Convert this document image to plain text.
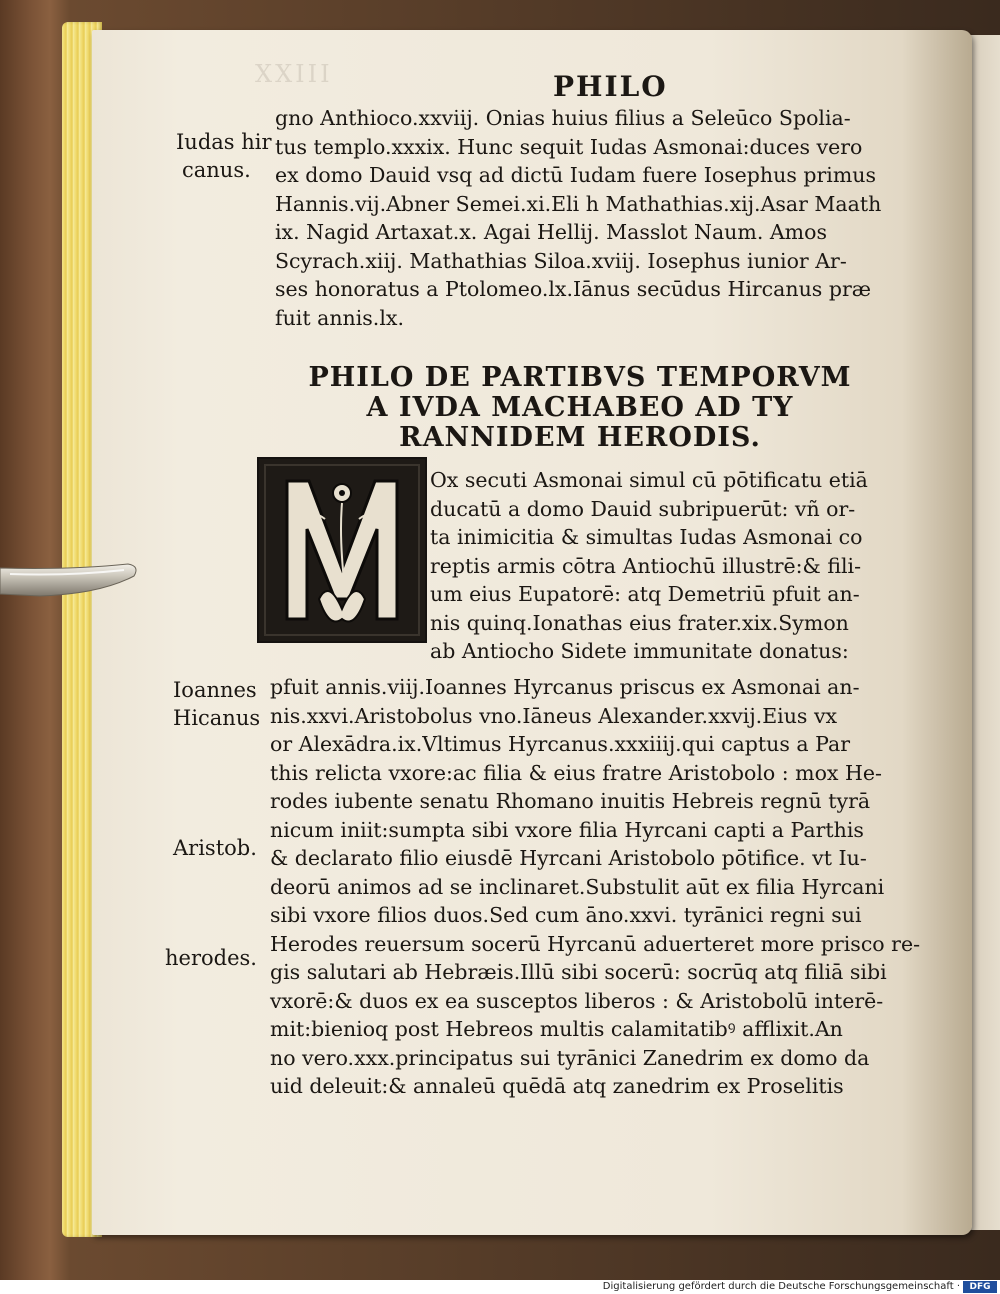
PHILO
Iudas hir
canus.
gno Anthioco.xxviij. Onias huius filius a Seleūco Spolia-
tus templo.xxxix. Hunc sequit Iudas Asmonai:duces vero
ex domo Dauid vsq ad dictū Iudam fuere Iosephus primus
Hannis.vij.Abner Semei.xi.Eli h Mathathias.xij.Asar Maath
ix. Nagid Artaxat.x. Agai Hellij. Masslot Naum. Amos
Scyrach.xiij. Mathathias Siloa.xviij. Iosephus iunior Ar-
ses honoratus a Ptolomeo.lx.Iānus secūdus Hircanus præ
fuit annis.lx.
PHILO DE PARTIBVS TEMPORVM
A IVDA MACHABEO AD TY
RANNIDEM HERODIS.
Ox secuti Asmonai simul cū pōtificatu etiā
ducatū a domo Dauid subripuerūt: vñ or-
ta inimicitia & simultas Iudas Asmonai co
reptis armis cōtra Antiochū illustrē:& fili-
um eius Eupatorē: atq Demetriū pfuit an-
nis quinq.Ionathas eius frater.xix.Symon
ab Antiocho Sidete immunitate donatus:
Ioannes
Hicanus
Aristob.
herodes.
pfuit annis.viij.Ioannes Hyrcanus priscus ex Asmonai an-
nis.xxvi.Aristobolus vno.Iāneus Alexander.xxvij.Eius vx
or Alexādra.ix.Vltimus Hyrcanus.xxxiiij.qui captus a Par
this relicta vxore:ac filia & eius fratre Aristobolo : mox He-
rodes iubente senatu Rhomano inuitis Hebreis regnū tyrā
nicum iniit:sumpta sibi vxore filia Hyrcani capti a Parthis
& declarato filio eiusdē Hyrcani Aristobolo pōtifice. vt Iu-
deorū animos ad se inclinaret.Substulit aūt ex filia Hyrcani
sibi vxore filios duos.Sed cum āno.xxvi. tyrānici regni sui
Herodes reuersum socerū Hyrcanū aduerteret more prisco re-
gis salutari ab Hebræis.Illū sibi socerū: socrūq atq filiā sibi
vxorē:& duos ex ea susceptos liberos : & Aristobolū interē-
mit:bienioq post Hebreos multis calamitatibꝰ afflixit.An
no vero.xxx.principatus sui tyrānici Zanedrim ex domo da
uid deleuit:& annaleū quēdā atq zanedrim ex Proselitis
Digitalisierung gefördert durch die Deutsche Forschungsgemeinschaft ·	DFG
